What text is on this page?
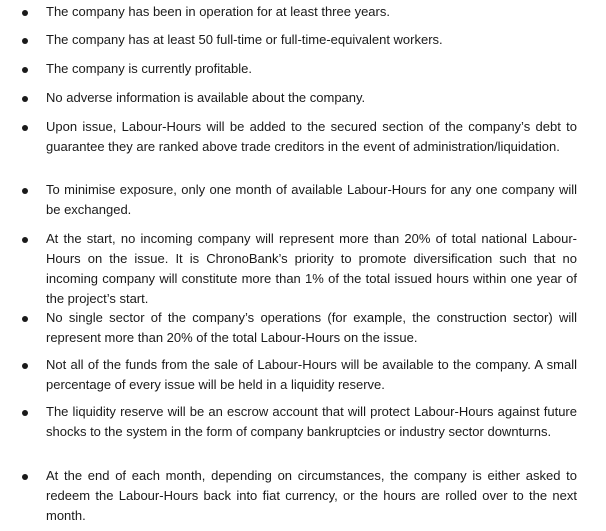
The company has been in operation for at least three years.

The company has at least 50 full-time or full-time-equivalent workers.

The company is currently profitable.

No adverse information is available about the company.

Upon issue, Labour-Hours will be added to the secured section of the company’s debt to guarantee they are ranked above trade creditors in the event of administration/liquidation.

To minimise exposure, only one month of available Labour-Hours for any one company will be exchanged.

At the start, no incoming company will represent more than 20% of total national Labour-Hours on the issue. It is ChronoBank’s priority to promote diversification such that no incoming company will constitute more than 1% of the total issued hours within one year of the project’s start.

No single sector of the company’s operations (for example, the construction sector) will represent more than 20% of the total Labour-Hours on the issue.

Not all of the funds from the sale of Labour-Hours will be available to the company. A small percentage of every issue will be held in a liquidity reserve.

The liquidity reserve will be an escrow account that will protect Labour-Hours against future shocks to the system in the form of company bankruptcies or industry sector downturns.

At the end of each month, depending on circumstances, the company is either asked to redeem the Labour-Hours back into fiat currency, or the hours are rolled over to the next month.
